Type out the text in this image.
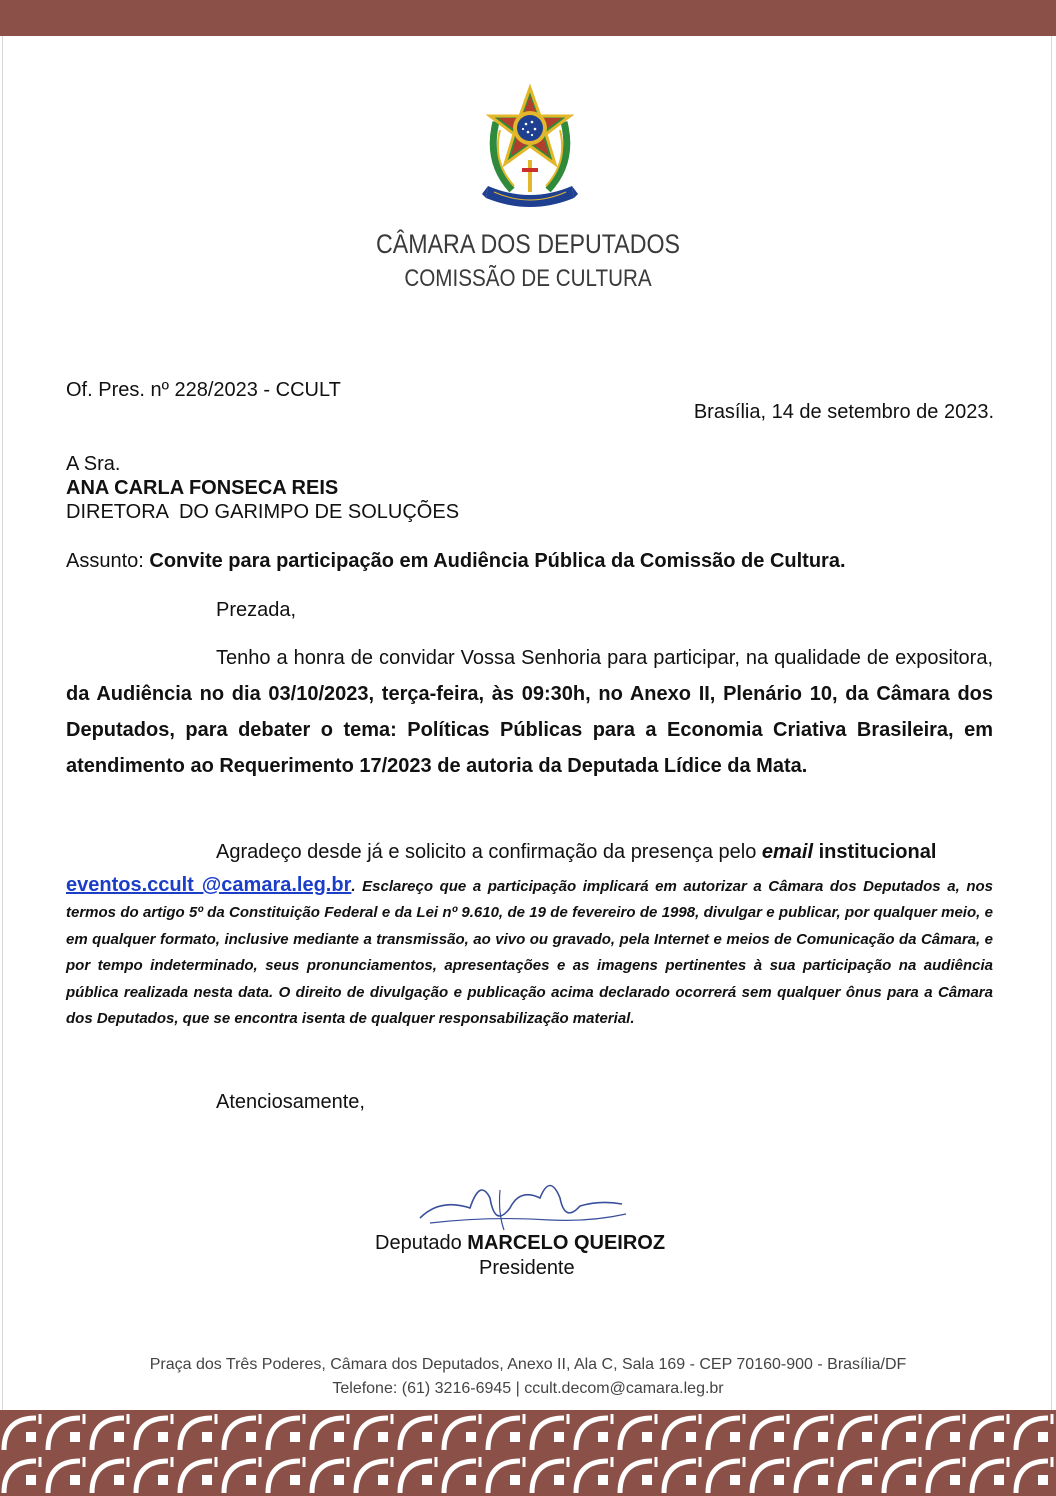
CÂMARA DOS DEPUTADOS
COMISSÃO DE CULTURA
Of. Pres. nº 228/2023 - CCULT
Brasília, 14 de setembro de 2023.
A Sra.
ANA CARLA FONSECA REIS
DIRETORA  DO GARIMPO DE SOLUÇÕES
Assunto: Convite para participação em Audiência Pública da Comissão de Cultura.
Prezada,
Tenho a honra de convidar Vossa Senhoria para participar, na qualidade de expositora, da Audiência no dia 03/10/2023, terça-feira, às 09:30h, no Anexo II, Plenário 10, da Câmara dos Deputados, para debater o tema: Políticas Públicas para a Economia Criativa Brasileira, em atendimento ao Requerimento 17/2023 de autoria da Deputada Lídice da Mata.
Agradeço desde já e solicito a confirmação da presença pelo email institucional
eventos.ccult @camara.leg.br. Esclareço que a participação implicará em autorizar a Câmara dos Deputados a, nos termos do artigo 5º da Constituição Federal e da Lei nº 9.610, de 19 de fevereiro de 1998, divulgar e publicar, por qualquer meio, e em qualquer formato, inclusive mediante a transmissão, ao vivo ou gravado, pela Internet e meios de Comunicação da Câmara, e por tempo indeterminado, seus pronunciamentos, apresentações e as imagens pertinentes à sua participação na audiência pública realizada nesta data. O direito de divulgação e publicação acima declarado ocorrerá sem qualquer ônus para a Câmara dos Deputados, que se encontra isenta de qualquer responsabilização material.
Atenciosamente,
Deputado MARCELO QUEIROZ
Presidente
Praça dos Três Poderes, Câmara dos Deputados, Anexo II, Ala C, Sala 169 - CEP 70160-900 - Brasília/DF
Telefone: (61) 3216-6945 | ccult.decom@camara.leg.br
